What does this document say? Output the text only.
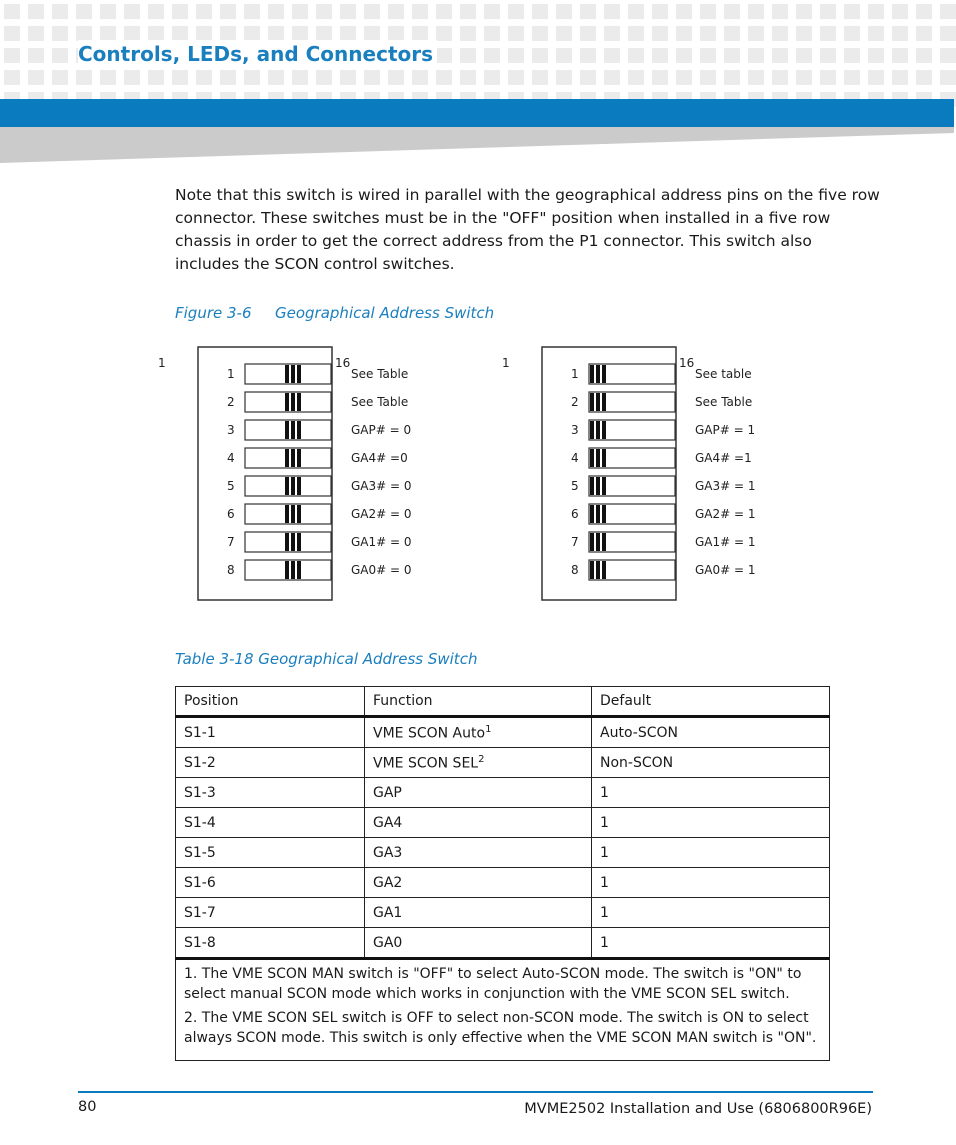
Controls, LEDs, and Connectors

Note that this switch is wired in parallel with the geographical address pins on the five row connector. These switches must be in the "OFF" position when installed in a five row chassis in order to get the correct address from the P1 connector. This switch also includes the SCON control switches.

Figure 3-6 Geographical Address Switch

1	16
1	See Table
2	See Table
3	GAP# = 0
4	GA4# =0
5	GA3# = 0
6	GA2# = 0
7	GA1# = 0
8	GA0# = 0
1	16
1	See table
2	See Table
3	GAP# = 1
4	GA4# =1
5	GA3# = 1
6	GA2# = 1
7	GA1# = 1
8	GA0# = 1

Table 3-18 Geographical Address Switch

Position	Function	Default
S1-1	VME SCON Auto$^1$	Auto-SCON
S1-2	VME SCON SEL$^2$	Non-SCON
S1-3	GAP	1
S1-4	GA4	1
S1-5	GA3	1
S1-6	GA2	1
S1-7	GA1	1
S1-8	GA0	1

1. The VME SCON MAN switch is "OFF" to select Auto-SCON mode. The switch is "ON" to select manual SCON mode which works in conjunction with the VME SCON SEL switch.

2. The VME SCON SEL switch is OFF to select non-SCON mode. The switch is ON to select always SCON mode. This switch is only effective when the VME SCON MAN switch is "ON".		

80	MVME2502 Installation and Use (6806800R96E)
